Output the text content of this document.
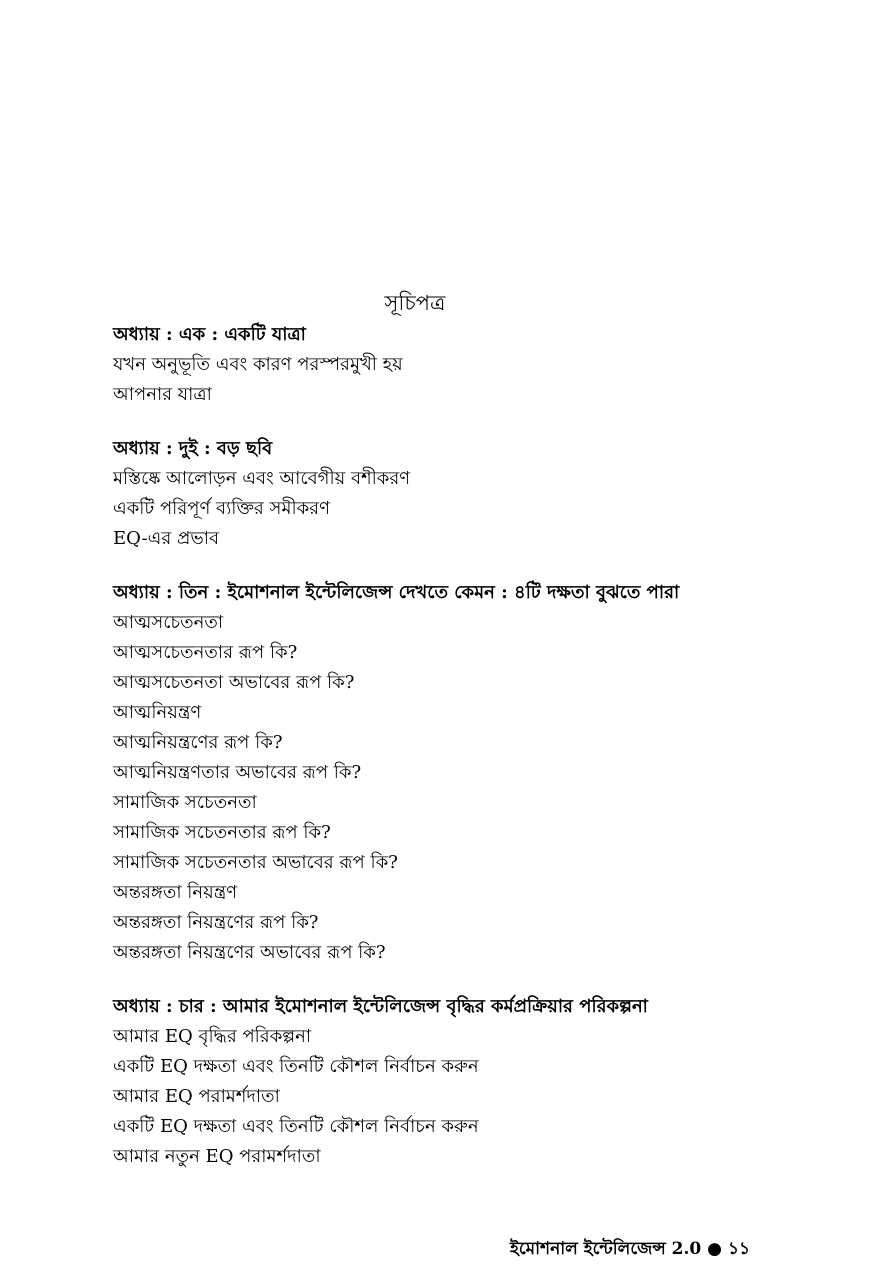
সূচিপত্র
অধ্যায় : এক : একটি যাত্রা
যখন অনুভূতি এবং কারণ পরস্পরমুখী হয়
আপনার যাত্রা
অধ্যায় : দুই : বড় ছবি
মস্তিষ্কে আলোড়ন এবং আবেগীয় বশীকরণ
একটি পরিপূর্ণ ব্যক্তির সমীকরণ
EQ-এর প্রভাব
অধ্যায় : তিন : ইমোশনাল ইন্টেলিজেন্স দেখতে কেমন : ৪টি দক্ষতা বুঝতে পারা
আত্মসচেতনতা
আত্মসচেতনতার রূপ কি?
আত্মসচেতনতা অভাবের রূপ কি?
আত্মনিয়ন্ত্রণ
আত্মনিয়ন্ত্রণের রূপ কি?
আত্মনিয়ন্ত্রণতার অভাবের রূপ কি?
সামাজিক সচেতনতা
সামাজিক সচেতনতার রূপ কি?
সামাজিক সচেতনতার অভাবের রূপ কি?
অন্তরঙ্গতা নিয়ন্ত্রণ
অন্তরঙ্গতা নিয়ন্ত্রণের রূপ কি?
অন্তরঙ্গতা নিয়ন্ত্রণের অভাবের রূপ কি?
অধ্যায় : চার : আমার ইমোশনাল ইন্টেলিজেন্স বৃদ্ধির কর্মপ্রক্রিয়ার পরিকল্পনা
আমার EQ বৃদ্ধির পরিকল্পনা
একটি EQ দক্ষতা এবং তিনটি কৌশল নির্বাচন করুন
আমার EQ পরামর্শদাতা
একটি EQ দক্ষতা এবং তিনটি কৌশল নির্বাচন করুন
আমার নতুন EQ পরামর্শদাতা
ইমোশনাল ইন্টেলিজেন্স 2.0 ● ১১
